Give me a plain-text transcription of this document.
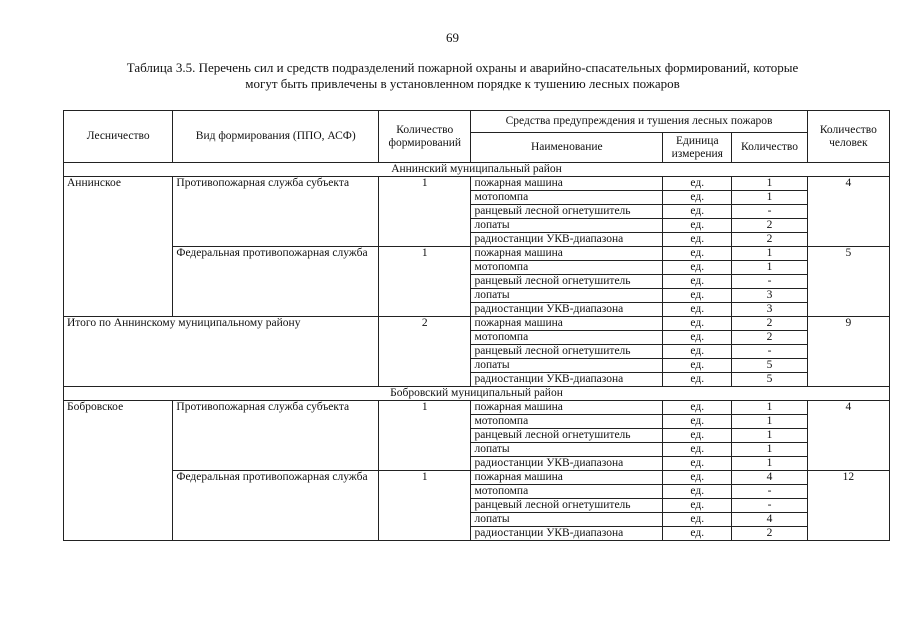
69
Таблица 3.5. Перечень сил и средств подразделений пожарной охраны и аварийно-спасательных формирований, которые
могут быть привлечены в установленном порядке к тушению лесных пожаров
Лесничество	Вид формирования (ППО, АСФ)	Количество формирований	Средства предупреждения и тушения лесных пожаров			Количество человек
			Наименование	Единица измерения	Количество	
Аннинский муниципальный район						
Аннинское	Противопожарная служба субъекта	1	пожарная машина	ед.	1	4
			мотопомпа	ед.	1	
			ранцевый лесной огнетушитель	ед.	-	
			лопаты	ед.	2	
			радиостанции УКВ-диапазона	ед.	2	
	Федеральная противопожарная служба	1	пожарная машина	ед.	1	5
			мотопомпа	ед.	1	
			ранцевый лесной огнетушитель	ед.	-	
			лопаты	ед.	3	
			радиостанции УКВ-диапазона	ед.	3	
Итого по Аннинскому муниципальному району		2	пожарная машина	ед.	2	9
			мотопомпа	ед.	2	
			ранцевый лесной огнетушитель	ед.	-	
			лопаты	ед.	5	
			радиостанции УКВ-диапазона	ед.	5	
Бобровский муниципальный район						
Бобровское	Противопожарная служба субъекта	1	пожарная машина	ед.	1	4
			мотопомпа	ед.	1	
			ранцевый лесной огнетушитель	ед.	1	
			лопаты	ед.	1	
			радиостанции УКВ-диапазона	ед.	1	
	Федеральная противопожарная служба	1	пожарная машина	ед.	4	12
			мотопомпа	ед.	-	
			ранцевый лесной огнетушитель	ед.	-	
			лопаты	ед.	4	
			радиостанции УКВ-диапазона	ед.	2	
